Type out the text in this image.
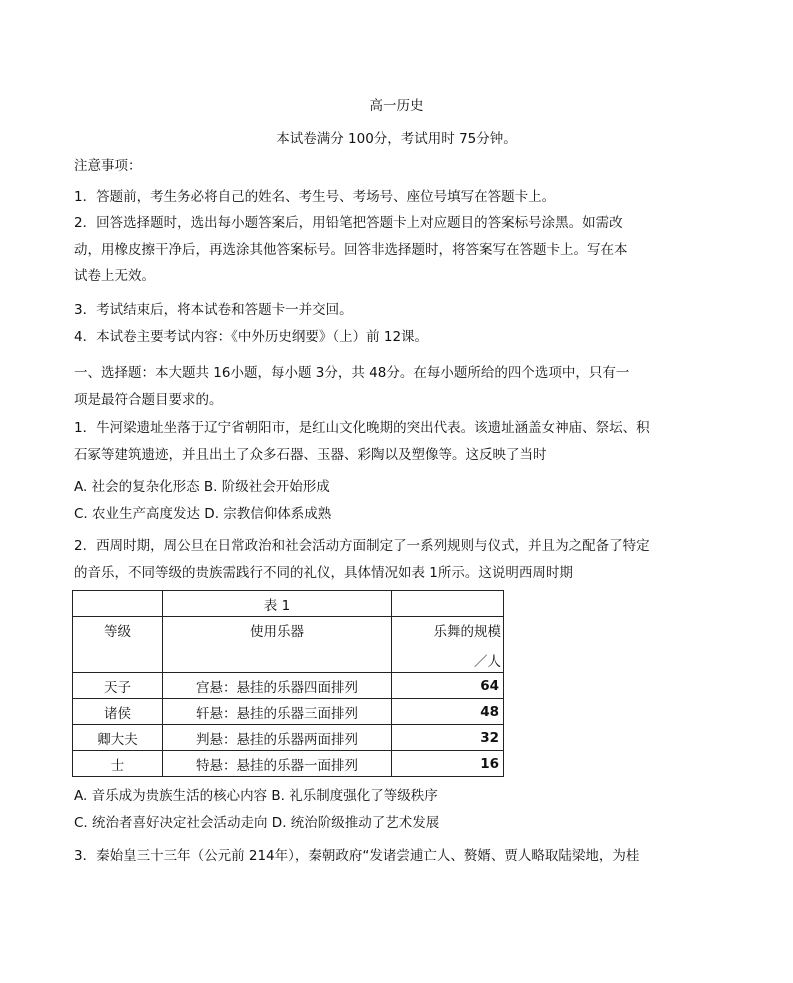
高一历史
本试卷满分 100分，考试用时 75分钟。
注意事项：
1．答题前，考生务必将自己的姓名、考生号、考场号、座位号填写在答题卡上。
2．回答选择题时，选出每小题答案后，用铅笔把答题卡上对应题目的答案标号涂黑。如需改
动，用橡皮擦干净后，再选涂其他答案标号。回答非选择题时，将答案写在答题卡上。写在本
试卷上无效。
3．考试结束后，将本试卷和答题卡一并交回。
4．本试卷主要考试内容：《中外历史纲要》（上）前 12课。
一、选择题：本大题共 16小题，每小题 3分，共 48分。在每小题所给的四个选项中，只有一
项是最符合题目要求的。
1．牛河梁遗址坐落于辽宁省朝阳市，是红山文化晚期的突出代表。该遗址涵盖女神庙、祭坛、积
石冢等建筑遗迹，并且出土了众多石器、玉器、彩陶以及塑像等。这反映了当时
A. 社会的复杂化形态 B. 阶级社会开始形成
C. 农业生产高度发达 D. 宗教信仰体系成熟
2．西周时期，周公旦在日常政治和社会活动方面制定了一系列规则与仪式，并且为之配备了特定
的音乐，不同等级的贵族需践行不同的礼仪，具体情况如表 1所示。这说明西周时期
	表 1	
等级	使用乐器	乐舞的规模
／人

天子	宫悬：悬挂的乐器四面排列	64
诸侯	轩悬：悬挂的乐器三面排列	48
卿大夫	判悬：悬挂的乐器两面排列	32
士	特悬：悬挂的乐器一面排列	16
A. 音乐成为贵族生活的核心内容 B. 礼乐制度强化了等级秩序
C. 统治者喜好决定社会活动走向 D. 统治阶级推动了艺术发展
3．秦始皇三十三年（公元前 214年），秦朝政府“发诸尝逋亡人、赘婿、贾人略取陆梁地，为桂
